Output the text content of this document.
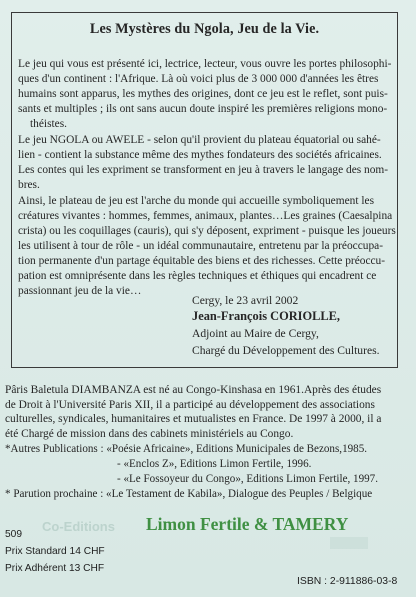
Les Mystères du Ngola, Jeu de la Vie.

Le jeu qui vous est présenté ici, lectrice, lecteur, vous ouvre les portes philosophi-
ques d'un continent : l'Afrique. Là où voici plus de 3 000 000 d'années les êtres
humains sont apparus, les mythes des origines, dont ce jeu est le reflet, sont puis-
sants et multiples ; ils ont sans aucun doute inspiré les premières religions mono-
théistes.

Le jeu NGOLA ou AWELE - selon qu'il provient du plateau équatorial ou sahé-
lien - contient la substance même des mythes fondateurs des sociétés africaines.
Les contes qui les expriment se transforment en jeu à travers le langage des nom-
bres.

Ainsi, le plateau de jeu est l'arche du monde qui accueille symboliquement les
créatures vivantes : hommes, femmes, animaux, plantes…Les graines (Caesalpina
crista) ou les coquillages (cauris), qui s'y déposent, expriment - puisque les joueurs
les utilisent à tour de rôle - un idéal communautaire, entretenu par la préoccupa-
tion permanente d'un partage équitable des biens et des richesses. Cette préoccu-
pation est omniprésente dans les règles techniques et éthiques qui encadrent ce
passionnant jeu de la vie…

Cergy, le 23 avril 2002
Jean-François CORIOLLE,
Adjoint au Maire de Cergy,
Chargé du Développement des Cultures.
Pâris Baletula DIAMBANZA est né au Congo-Kinshasa en 1961.Après des études
de Droit à l'Université Paris XII, il a participé au développement des associations
culturelles, syndicales, humanitaires et mutualistes en France. De 1997 à 2000, il a
été Chargé de mission dans des cabinets ministériels au Congo.
*Autres Publications : «Poésie Africaine», Editions Municipales de Bezons,1985.
- «Enclos Z», Editions Limon Fertile, 1996.
- «Le Fossoyeur du Congo», Editions Limon Fertile, 1997.
* Parution prochaine : «Le Testament de Kabila», Dialogue des Peuples / Belgique
509
Prix Standard 14 CHF
Prix Adhérent 13 CHF
Co-Editions Limon Fertile & TAMERY
ISBN : 2-911886-03-8
